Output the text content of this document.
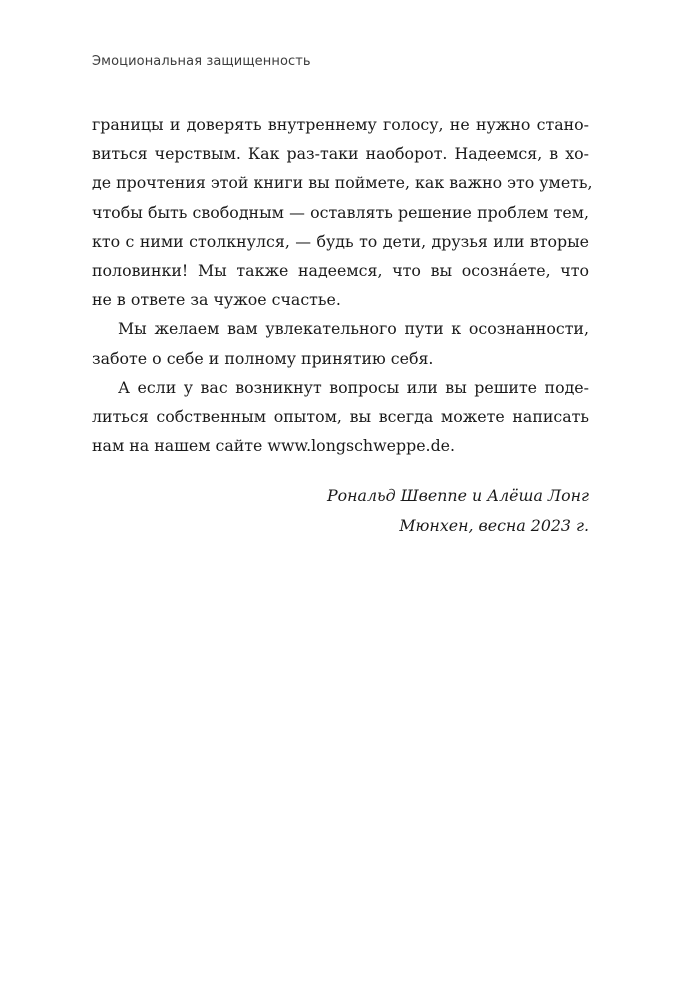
Эмоциональная защищенность
границы и доверять внутреннему голосу, не нужно стано-
виться черствым. Как раз-таки наоборот. Надеемся, в хо-
де прочтения этой книги вы поймете, как важно это уметь,
чтобы быть свободным — оставлять решение проблем тем,
кто с ними столкнулся, — будь то дети, друзья или вторые
половинки! Мы также надеемся, что вы осозна́ете, что
не в ответе за чужое счастье.
Мы желаем вам увлекательного пути к осознанности,
заботе о себе и полному принятию себя.
А если у вас возникнут вопросы или вы решите поде-
литься собственным опытом, вы всегда можете написать
нам на нашем сайте www.longschweppe.de.
Рональд Швеппе и Алёша Лонг
Мюнхен, весна 2023 г.
